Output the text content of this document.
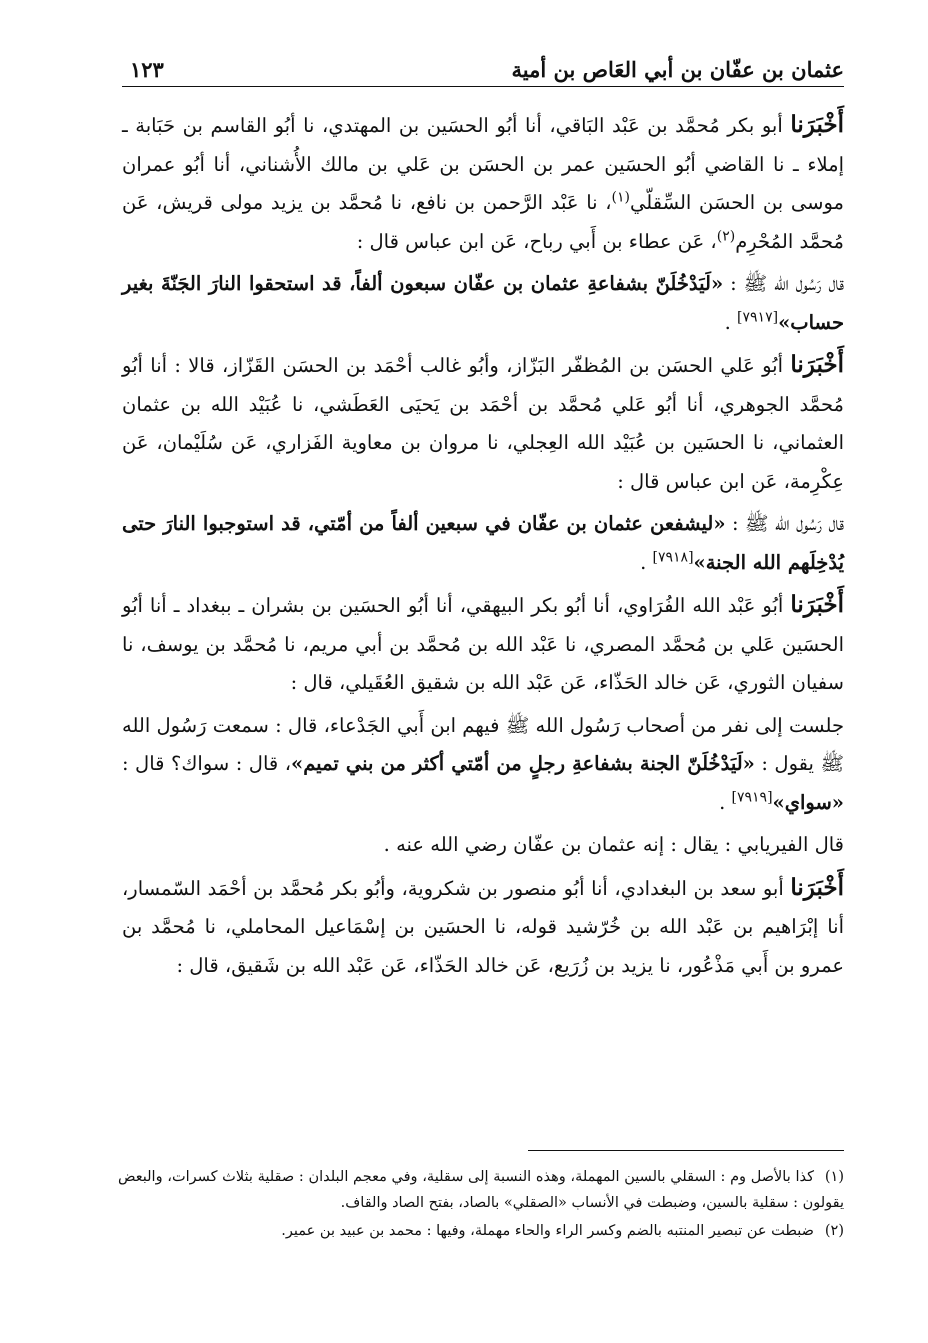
عثمان بن عفّان بن أبي العَاص بن أمية
١٢٣

أَخْبَرَنا أبو بكر مُحمَّد بن عَبْد البَاقي، أنا أبُو الحسَين بن المهتدي، نا أبُو القاسم بن حَبَابة ـ إملاء ـ نا القاضي أبُو الحسَين عمر بن الحسَن بن عَلي بن مالك الأُشناني، أنا أبُو عمران موسى بن الحسَن السِّقلّي$^{(١)}$، نا عَبْد الرَّحمن بن نافع، نا مُحمَّد بن يزيد مولى قريش، عَن مُحمَّد المُحْرِم$^{(٢)}$، عَن عطاء بن أَبي رباح، عَن ابن عباس قال :

قال رَسُول الله ﷺ : «لَيَدْخُلَنّ بشفاعةِ عثمان بن عفّان سبعون ألفاً، قد استحقوا النارَ الجَنّةَ بغير حساب»[٧٩١٧] .

أَخْبَرَنا أبُو عَلي الحسَن بن المُظفّر البَزّاز، وأبُو غالب أحْمَد بن الحسَن القَزّاز، قالا : أنا أبُو مُحمَّد الجوهري، أنا أبُو عَلي مُحمَّد بن أحْمَد بن يَحيَى العَطَشي، نا عُبَيْد الله بن عثمان العثماني، نا الحسَين بن عُبَيْد الله العِجلي، نا مروان بن معاوية الفَزاري، عَن سُلَيْمان، عَن عِكْرِمة، عَن ابن عباس قال :

قال رَسُول الله ﷺ : «ليشفعن عثمان بن عفّان في سبعين ألفاً من أمّتي، قد استوجبوا النارَ حتى يُدْخِلَهم الله الجنة»[٧٩١٨] .

أَخْبَرَنا أبُو عَبْد الله الفُرَاوي، أنا أبُو بكر البيهقي، أنا أبُو الحسَين بن بشران ـ ببغداد ـ أنا أبُو الحسَين عَلي بن مُحمَّد المصري، نا عَبْد الله بن مُحمَّد بن أبي مريم، نا مُحمَّد بن يوسف، نا سفيان الثوري، عَن خالد الحَذّاء، عَن عَبْد الله بن شقيق العُقَيلي، قال :

جلست إلى نفر من أصحاب رَسُول الله ﷺ فيهم ابن أَبي الجَدْعاء، قال : سمعت رَسُول الله ﷺ يقول : «لَيَدْخُلَنّ الجنة بشفاعةِ رجلٍ من أمّتي أكثر من بني تميم»، قال : سواك؟ قال : «سواي»[٧٩١٩] .

قال الفيريابي : يقال : إنه عثمان بن عفّان رضي الله عنه .

أَخْبَرَنا أبو سعد بن البغدادي، أنا أبُو منصور بن شكروية، وأبُو بكر مُحمَّد بن أحْمَد السّمسار، أنا إبْرَاهيم بن عَبْد الله بن خُرّشيد قوله، نا الحسَين بن إسْمَاعيل المحاملي، نا مُحمَّد بن عمرو بن أَبي مَذْعُور، نا يزيد بن زُرَيع، عَن خالد الحَذّاء، عَن عَبْد الله بن شَقيق، قال :

(١)كذا بالأصل وم : السقلي بالسين المهملة، وهذه النسبة إلى سقلية، وفي معجم البلدان : صقلية بثلاث كسرات، والبعض يقولون : سقلية بالسين، وضبطت في الأنساب «الصقلي» بالصاد، بفتح الصاد والقاف.

(٢)ضبطت عن تبصير المنتبه بالضم وكسر الراء والحاء مهملة، وفيها : محمد بن عبيد بن عمير.
